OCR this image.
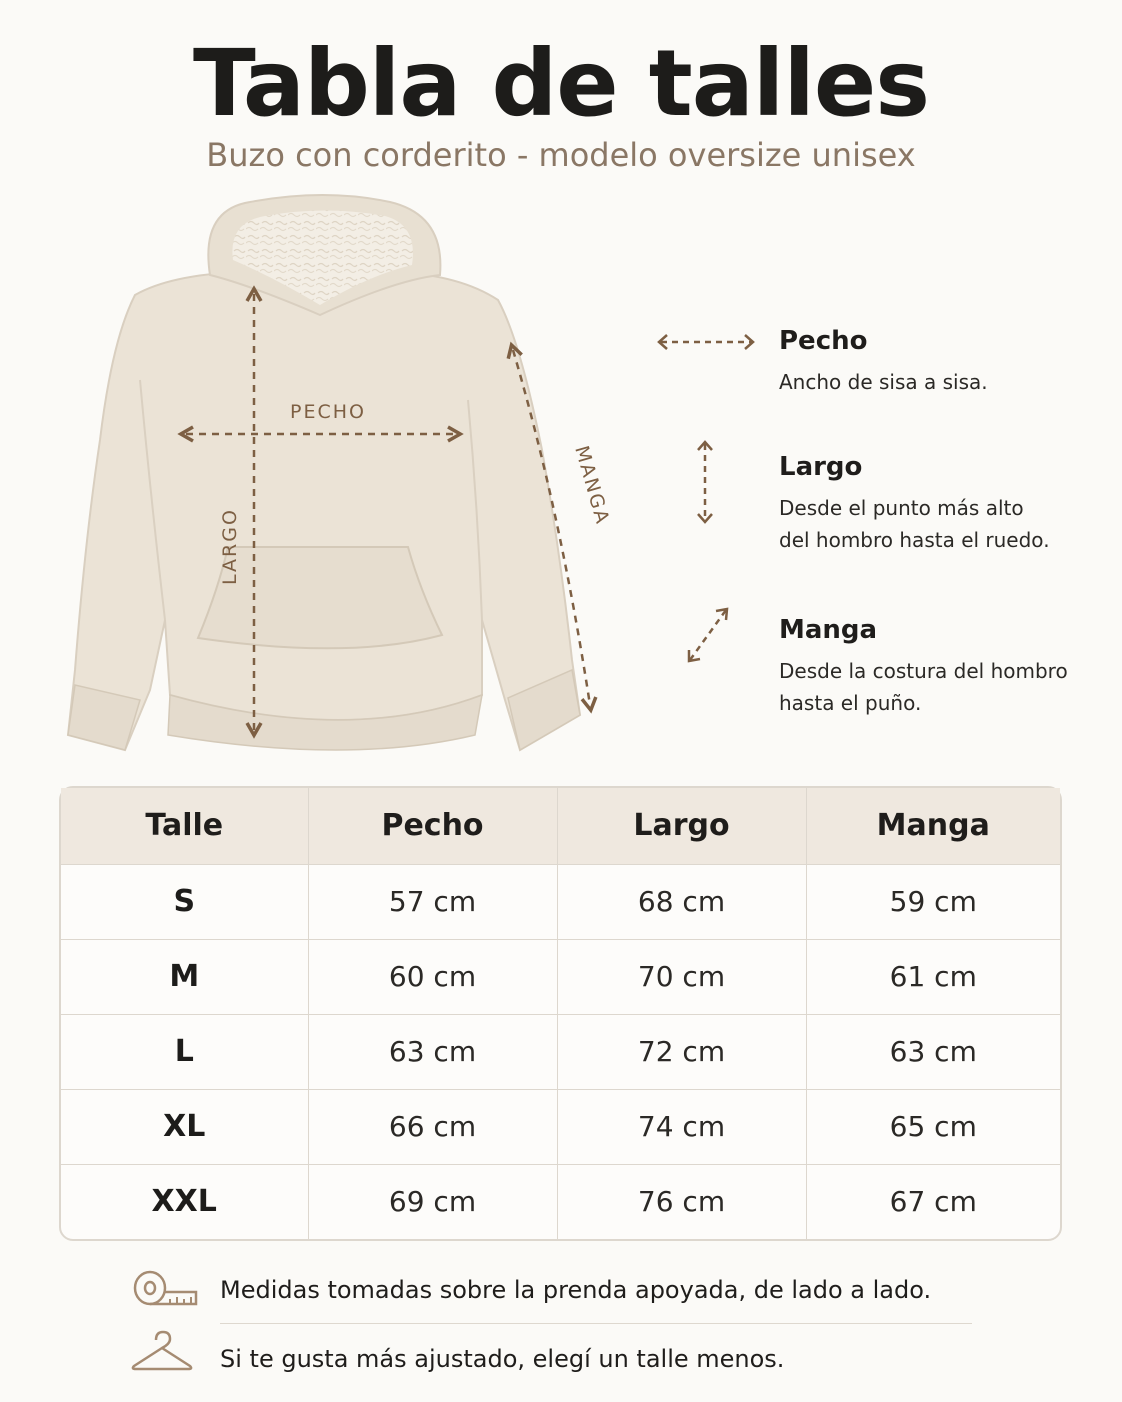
Tabla de talles
Buzo con corderito - modelo oversize unisex
PECHO
LARGO
MANGA
Pecho
Ancho de sisa a sisa.
Largo
Desde el punto más alto
del hombro hasta el ruedo.
Manga
Desde la costura del hombro
hasta el puño.
Talle	Pecho	Largo	Manga
S	57 cm	68 cm	59 cm
M	60 cm	70 cm	61 cm
L	63 cm	72 cm	63 cm
XL	66 cm	74 cm	65 cm
XXL	69 cm	76 cm	67 cm
Medidas tomadas sobre la prenda apoyada, de lado a lado.
Si te gusta más ajustado, elegí un talle menos.
